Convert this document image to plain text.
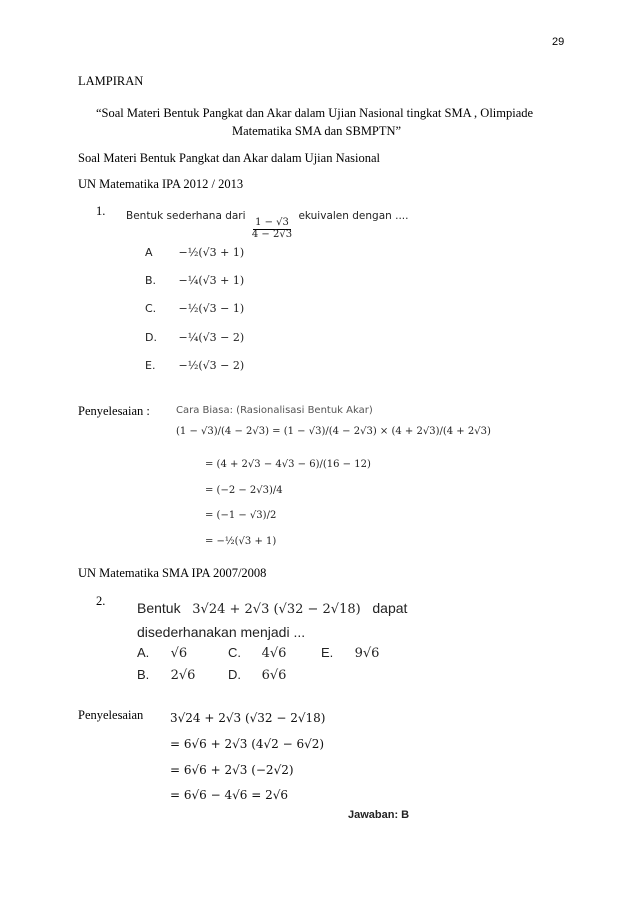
29
LAMPIRAN
“Soal Materi Bentuk Pangkat dan Akar dalam Ujian Nasional tingkat SMA , Olimpiade
Matematika SMA dan SBMPTN”
Soal Materi Bentuk Pangkat dan Akar dalam Ujian Nasional
UN Matematika IPA 2012 / 2013
1. Bentuk sederhana dari
$\frac{1 - √3}{4 - 2√3}$
ekuivalen dengan ....
A −½(√3 + 1)
B. −¼(√3 + 1)
C. −½(√3 − 1)
D. −¼(√3 − 2)
E. −½(√3 − 2)
Penyelesaian :	Cara Biasa: (Rasionalisasi Bentuk Akar)
(1 − √3)/(4 − 2√3) = (1 − √3)/(4 − 2√3) × (4 + 2√3)/(4 + 2√3)
= (4 + 2√3 − 4√3 − 6)/(16 − 12)
= (−2 − 2√3)/4
= (−1 − √3)/2
= −½(√3 + 1)
UN Matematika SMA IPA 2007/2008
2. Bentuk 3√24 + 2√3 (√32 − 2√18) dapat
disederhanakan menjadi ...
A. √6	C. 4√6	E. 9√6
B. 2√6	D. 6√6
Penyelesaian 3√24 + 2√3 (√32 − 2√18)
= 6√6 + 2√3 (4√2 − 6√2)
= 6√6 + 2√3 (−2√2)
= 6√6 − 4√6 = 2√6
Jawaban: B
